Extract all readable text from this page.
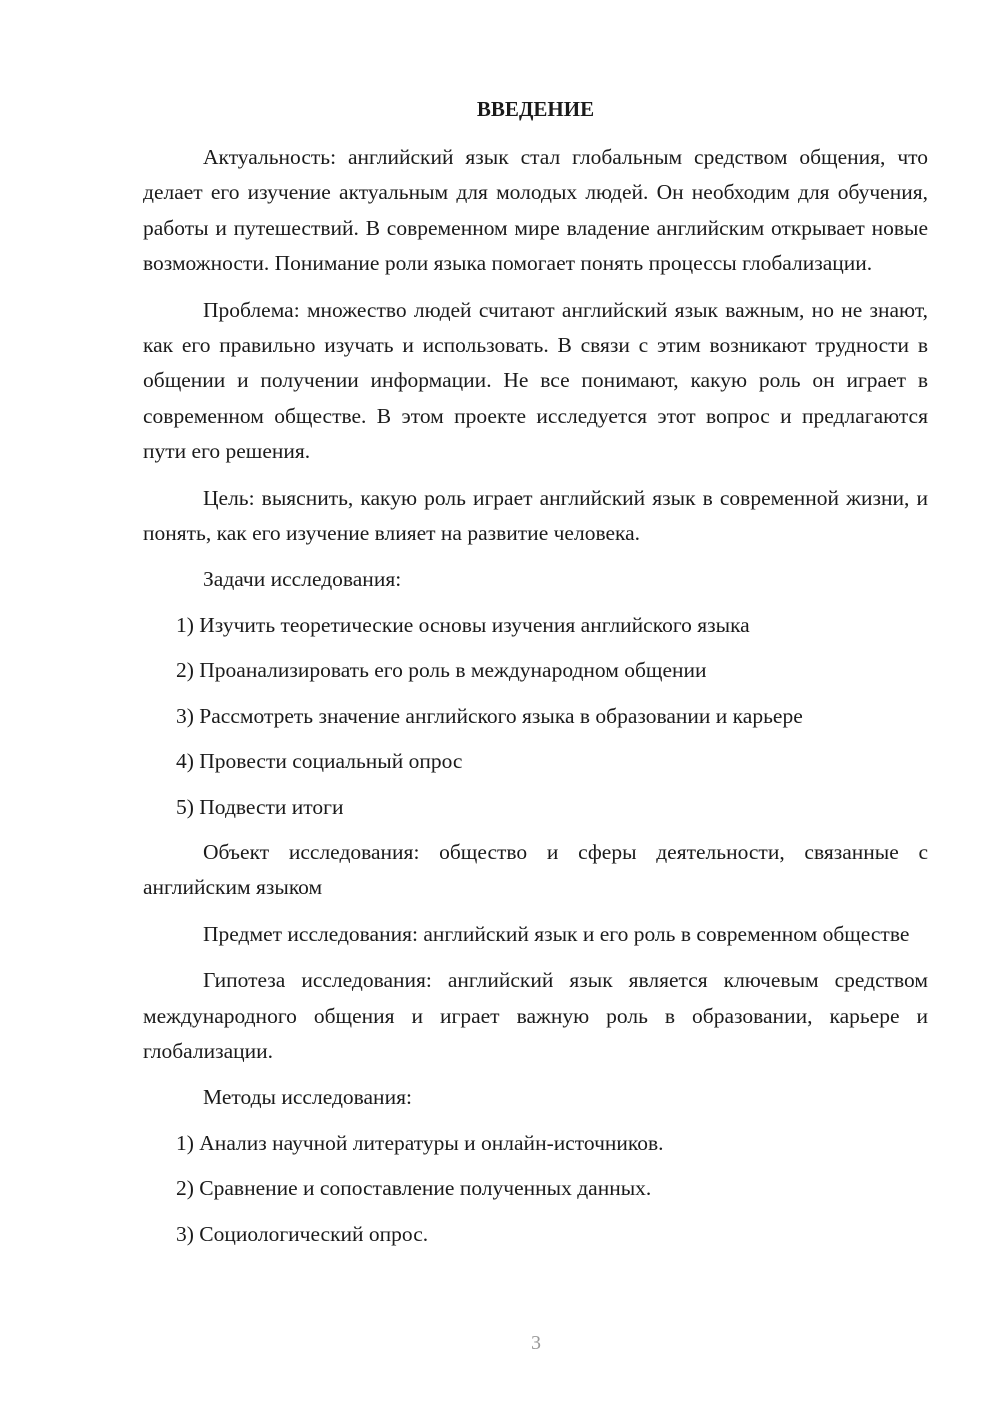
ВВЕДЕНИЕ

Актуальность: английский язык стал глобальным средством общения, что делает его изучение актуальным для молодых людей. Он необходим для обучения, работы и путешествий. В современном мире владение английским открывает новые возможности. Понимание роли языка помогает понять процессы глобализации.

Проблема: множество людей считают английский язык важным, но не знают, как его правильно изучать и использовать. В связи с этим возникают трудности в общении и получении информации. Не все понимают, какую роль он играет в современном обществе. В этом проекте исследуется этот вопрос и предлагаются пути его решения.

Цель: выяснить, какую роль играет английский язык в современной жизни, и понять, как его изучение влияет на развитие человека.

Задачи исследования:
1) Изучить теоретические основы изучения английского языка
2) Проанализировать его роль в международном общении
3) Рассмотреть значение английского языка в образовании и карьере
4) Провести социальный опрос
5) Подвести итоги

Объект исследования: общество и сферы деятельности, связанные с английским языком

Предмет исследования: английский язык и его роль в современном обществе

Гипотеза исследования: английский язык является ключевым средством международного общения и играет важную роль в образовании, карьере и глобализации.

Методы исследования:
1) Анализ научной литературы и онлайн-источников.
2) Сравнение и сопоставление полученных данных.
3) Социологический опрос.
3
